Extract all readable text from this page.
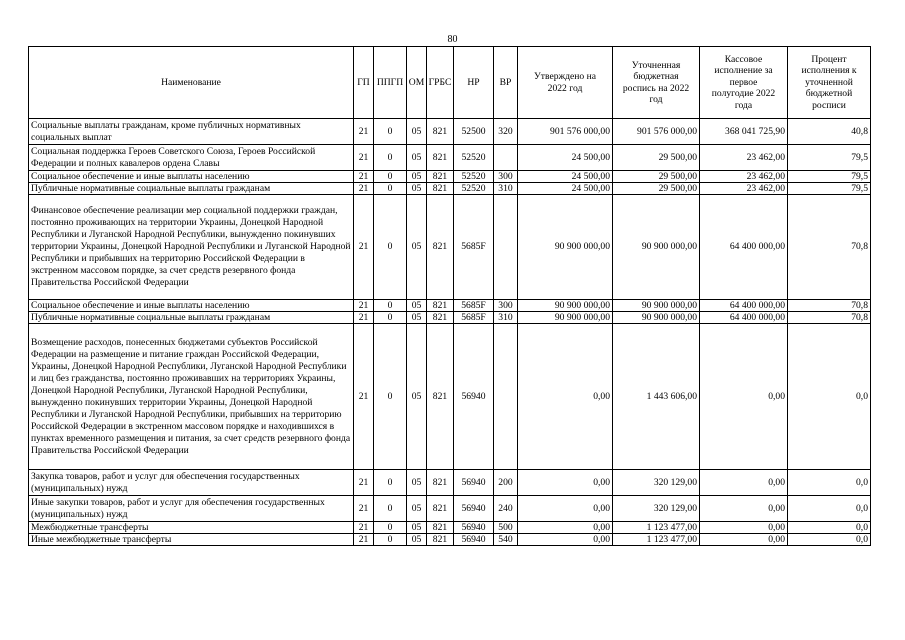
80
Наименование	ГП	ППГП	ОМ	ГРБС	НР	ВР	Утверждено на 2022 год	Уточненная бюджетная роспись на 2022 год	Кассовое исполнение за первое полугодие 2022 года	Процент исполнения к уточненной бюджетной росписи
Социальные выплаты гражданам, кроме публичных нормативных социальных выплат	21	0	05	821	52500	320	901 576 000,00	901 576 000,00	368 041 725,90	40,8
Социальная поддержка Героев Советского Союза, Героев Российской Федерации и полных кавалеров ордена Славы	21	0	05	821	52520		24 500,00	29 500,00	23 462,00	79,5
Социальное обеспечение и иные выплаты населению	21	0	05	821	52520	300	24 500,00	29 500,00	23 462,00	79,5
Публичные нормативные социальные выплаты гражданам	21	0	05	821	52520	310	24 500,00	29 500,00	23 462,00	79,5
Финансовое обеспечение реализации мер социальной поддержки граждан, постоянно проживающих на территории Украины, Донецкой Народной Республики и Луганской Народной Республики, вынужденно покинувших территории Украины, Донецкой Народной Республики и Луганской Народной Республики и прибывших на территорию Российской Федерации в экстренном массовом порядке, за счет средств резервного фонда Правительства Российской Федерации	21	0	05	821	5685F		90 900 000,00	90 900 000,00	64 400 000,00	70,8
Социальное обеспечение и иные выплаты населению	21	0	05	821	5685F	300	90 900 000,00	90 900 000,00	64 400 000,00	70,8
Публичные нормативные социальные выплаты гражданам	21	0	05	821	5685F	310	90 900 000,00	90 900 000,00	64 400 000,00	70,8
Возмещение расходов, понесенных бюджетами субъектов Российской Федерации на размещение и питание граждан Российской Федерации, Украины, Донецкой Народной Республики, Луганской Народной Республики и лиц без гражданства, постоянно проживавших на территориях Украины, Донецкой Народной Республики, Луганской Народной Республики, вынужденно покинувших территории Украины, Донецкой Народной Республики и Луганской Народной Республики, прибывших на территорию Российской Федерации в экстренном массовом порядке и находившихся в пунктах временного размещения и питания, за счет средств резервного фонда Правительства Российской Федерации	21	0	05	821	56940		0,00	1 443 606,00	0,00	0,0
Закупка товаров, работ и услуг для обеспечения государственных (муниципальных) нужд	21	0	05	821	56940	200	0,00	320 129,00	0,00	0,0
Иные закупки товаров, работ и услуг для обеспечения государственных (муниципальных) нужд	21	0	05	821	56940	240	0,00	320 129,00	0,00	0,0
Межбюджетные трансферты	21	0	05	821	56940	500	0,00	1 123 477,00	0,00	0,0
Иные межбюджетные трансферты	21	0	05	821	56940	540	0,00	1 123 477,00	0,00	0,0
